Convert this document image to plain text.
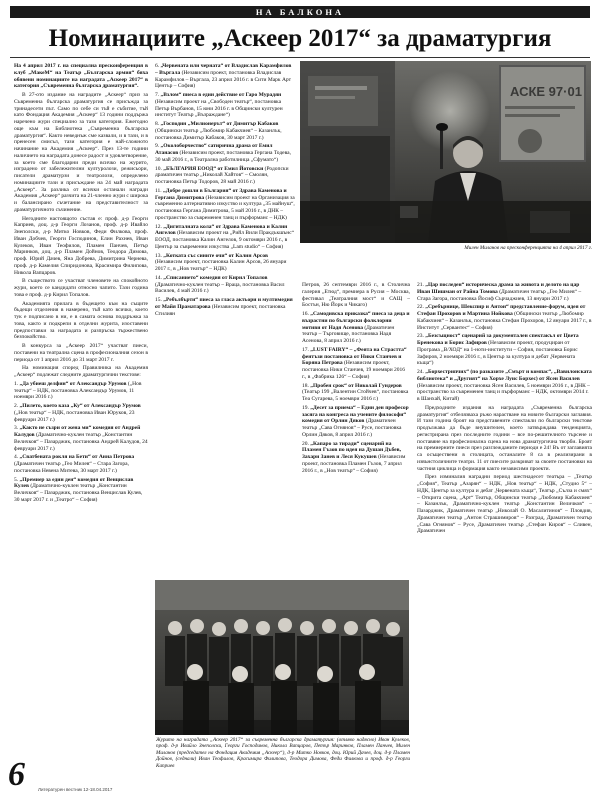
НА БАЛКОНА
Номинациите „Аскеер 2017“ за драматургия

На 4 април 2017 г. на специална пресконференция в клуб „МакеМ“ на Театър „Българска армия“ бяха обявени номинациите на наградата „Аскеер 2017“ в категория „Съвременна българска драматургия“.

В 27-ото издание на наградите „Аскеер“ приз за Съвременна българска драматургия се присъжда за тринадесети път. Само по себе си тъй е събитие, тъй като Фондация Академия „Аскеер“ 13 години поддържа наречено жури специално за тази категория. Ежегодно още към на Библиотека „Съвременна българска драматургия“. Както неведнъж сме казвали, и в тази, и в пренесен смисъл, тази категория е най-сложното начинание на Академия „Аскеер“. През 13-те години наличието на наградата донесе радост и удовлетворение, за което сме благодарни преди всичко на журито, изградено от забележителни културолози, режисьори, писатели драматурзи и театролози, определено номинациите тази и присъждане на 24 май наградата „Аскеер“. За разлика от всички останали награди Академия „Аскеер“ разчита на 21-членно жури с широка и балансирано съчетание на представителност за драматургичното съчинение.

Негодните настоящото състав е: проф. д-р Георги Каприев, доц. д-р Георги Лозанов, проф. д-р Ивайло Знеполски, д-р Митко Новков, Феди Филкова, проф. Иван Добчев, Георги Господинов, Елин Рахнев, Иван Кулеков, Иван Теофилов, Пламен Панчев, Петър Маринков, доц. д-р Пламен Дойнов, Теодора Димова, проф. Юрий Дачев, Яна Добрева, Димитрина Чернева, проф. д-р Камелия Спиридонова, Красимира Филипова, Никола Вапцаров.

В съществото се участват членовете на спокойното жури, което се кандидати относно чапито. Тази година това е проф. д-р Кирил Топалов.

Академията прилага в бъдещето към на същите бъдещи отделения в намерено, тъй като всичко, което тук е подписано в ни, е в самата основа поддръжка за това, както и подкрепи в отделни журита, изоставени предпоставки за наградата и разпръска тържествено безпокойство.

В конкурса за „Аскеер 2017“ участват пиеси, поставени на театрална сцена в професионалния сезон в периода от 1 април 2016 до 31 март 2017 г.

На номинация според Правилника на Академия „Аскеер“ подлежат следните драматургични текстове:

1. „Да убиеш делфин“ от Александър Урумов („Нов театър“ – НДК, постановка Александър Урумов, 11 ноември 2016 г.)
2. „Пилето, което каза „Ку“ от Александър Урумов („Нов театър“ – НДК, постановка Иван Юруков, 23 февруари 2017 г.)
3. „Както не съзри от жена ми“ комедия от Андрей Калудов (Драматично-куклен театър „Константин Величков“ – Пазарджик, постановка Андрей Калудов, 24 февруари 2017 г.)
4. „Сватбената рокля на Бети“ от Анна Петрова (Драматичен театър „Гео Милев“ – Стара Загора, постановка Невена Митева, 30 март 2017 г.)
5. „Премиер за един ден“ комедия от Венцислав Кулев (Драматично-куклен театър „Константин Величков“ – Пазарджик, постановка Венцислав Кулев, 30 март 2017 г. и „Театро“ – София)
6. „Червената или черната“ от Владислав Карамфилов – Въргала (Независим проект, постановка Владислав Карамфилов – Въргала, 23 април 2016 г. в Сити Марк Арт Център – София)
7. „Взлом“ пиеса в един действие от Гаро Мурадян (Независим проект на „Свободен театър“, постановка Петър Върбанов, 15 юни 2016 г. в Общински културен институт Театър „Възраждане“)
8. „Господин „Милионерът“ от Димитър Кабаков (Общински театър „Любомир Кабакчиев“ – Казанлък, постановка Димитър Кабаков, 30 март 2017 г.)
9. „Околоборчество“ сатирична драма от Емил Атанасов (Независим проект, постановка Гергана Тодева, 30 май 2016 г., в Театрална работилница „Сфумато“)
10. „БЪЛГАРИЯ ЕООД“ от Емил Йотовски (Родопски драматичен театър „Николай Хайтов“ – Смолян, постановка Петър Тодоров, 28 май 2016 г.)
11. „Добре дошли в България“ от Здрава Каменова и Гергана Димитрова (Независим проект на Организация за съвременно алтернативно изкуство и култура „35 майнуш“, постановка Гергана Димитрова, 5 май 2016 г., в ДНК – пространство за съвременен танц и пърформанс – НДК)
12. „Дигиталната кола“ от Здрава Каменова и Калин Ангелов (Независим проект на „Рийл Вили Пракдъкшънс“ ЕООД, постановка Калин Ангелов, 9 октомври 2016 г., в Център за съвременни изкуства „Lam studio“ – София)
13. „Котката със сините очи“ от Калин Арсов (Независим проект, постановка Калин Арсов, 26 януари 2017 г., в „Нов театър“ – НДК)
14. „Списанието“ комедия от Кирил Топалов (Драматично-куклен театър – Враца, постановка Васил Василев, 4 май 2016 г.)
15. „Ребълбърти“ пиеса за гласа актьори и мултимедия от Майя Праматарова (Независим проект, постановка Стилиян
АСКЕ 97·01
Милен Миланов на пресконференцията на 4 април 2017 г.

Петров, 26 септември 2016 г., в Столична галерия „Етюд“, премиера в Русия – Москва, фестивал „Театралния мост“ и САЩ – Бостън, Ню Йорк и Чикаго)

16. „Самодивска приказка“ пиеса за деца и възрастни по български фолклорни мотиви от Надя Асенова (Драматичен театър – Търговище, постановка Надя Асенова, 8 април 2016 г.)
17. „LUST FAIRY“ – „Феята на Страстта“ фентъзи постановка от Ники Станчев и Боряна Петрова (Независим проект, постановка Ники Станчев, 19 ноември 2016 г., в „Фабрика 126“ – София)
18. „Пробен срок“ от Николай Гундеров (Театър 199 „Валентин Стойчев“, постановка Теа Сугарева, 5 ноември 2016 г.)
19. „Десет за приема“ – Един ден професор засяга на конгреса на учените философи“ комедия от Орлин Дяков (Драматичен театър „Сава Огнянов“ – Русе, постановка Орлин Дяков, 8 април 2016 г.)
20. „Капаро за тиради“ сценарий на Пламен Гъзов по идея на Душан Дъбев, Захари Занев и Леся Кукушев (Независим проект, постановка Пламен Гъзов, 7 април 2016 г., в „Нов театър“ – София)
21. „Цар последен“ историческа драма за живота и делото на цар Иван Шишман от Райна Томова (Драматичен театър „Гео Милев“ – Стара Загора, постановка Йосиф Сърчаджиев, 13 януари 2017 г.)
22. „Сребърнице, Шекспир и Антон“ представление-форум, идея от Стефан Прохоров и Мартина Нойкова (Общински театър „Любомир Кабакчиев“ – Казанлък, постановка Стефан Прохоров, 12 януари 2017 г., в Институт „Сервантес“ – София)
23. „Безсъщност“ сценарий за документален спектакъл от Цвета Бренекова и Борис Зафиров (Независим проект, продуциран от Програма „В/ХОД“ на 1-ноти-институти – София, постановка Борис Зафиров, 2 ноември 2016 г., в Център за култура и дебат „Червената къща“)
24. „Борхестрипчих“ (по разказите „Смърт и компас“, „Вавилонската библиотека“ и „Другият“ на Хорхе Луис Борхес) от Ясен Василев (Независим проект, постановка Ясен Василев, 5 ноември 2016 г., в ДНК – пространство за съвременен танц и пърформанс – НДК, октомври 2014 г. в Шанхай, Китай)

Предходните издания на наградата „Съвременна българска драматургия“ отбелязваха ръжо нарастване на новите български заглавия. И тази година броят на представените спектакли по български текстове продължава да бъде внушителен, което затвърждава тенденцията, регистрирана през последните години – все по-решителното търсене и поставяне на професионална сцена на нова драматургична творби. Броят на премиерните пиеси през разглежданите периоди е 24! Въ от заглавията са осъществени в столицата, останалите 8 са в реализирани в извънстоличните театри. 11 от пиесите разкриват за своите постановки на частния циклица и формация както независими проекти.

През изминалия наградни период шестнадесет театъра – „Театър „София“, Театър „Азарян“ – НДК, „Нов театър“ – НДК, „Студио 5“ – НДК, Център за култура и дебат „Червената къща“, Театър „Сълза и смях“ – Открита сцена, „Арт“ Театър, Общински театър „Любомир Кабакчиев“ – Казанлък, Драматично-куклен театър „Константин Величков“ – Пазарджик, Драматичен театър „Николай О. Масалитинов“ – Пловдив, Драматичен театър „Антон Страшимиров“ – Разград, Драматичен театър „Сава Огнянов“ – Русе, Драматичен театър „Стефан Киров“ – Сливен, Драматичен

Журито на наградата „Аскеер 2017“ за съвременна българска драматургия: (отляво надясно) Иван Кулеков, проф. д-р Ивайло Знеполски, Георги Господинов, Никола Вапцаров, Петър Маринков, Пламен Панчев, Милен Миланов (председател на Фондация Академия „Аскеер“), д-р Митко Новков, доц. Юрий Дачев, доц. д-р Пламен Дойнов, (седнали) Иван Теофилов, Красимира Филипова, Теодора Димова, Феди Филкова и проф. д-р Георги Каприев
6	Литературен вестник 12-18.04.2017
